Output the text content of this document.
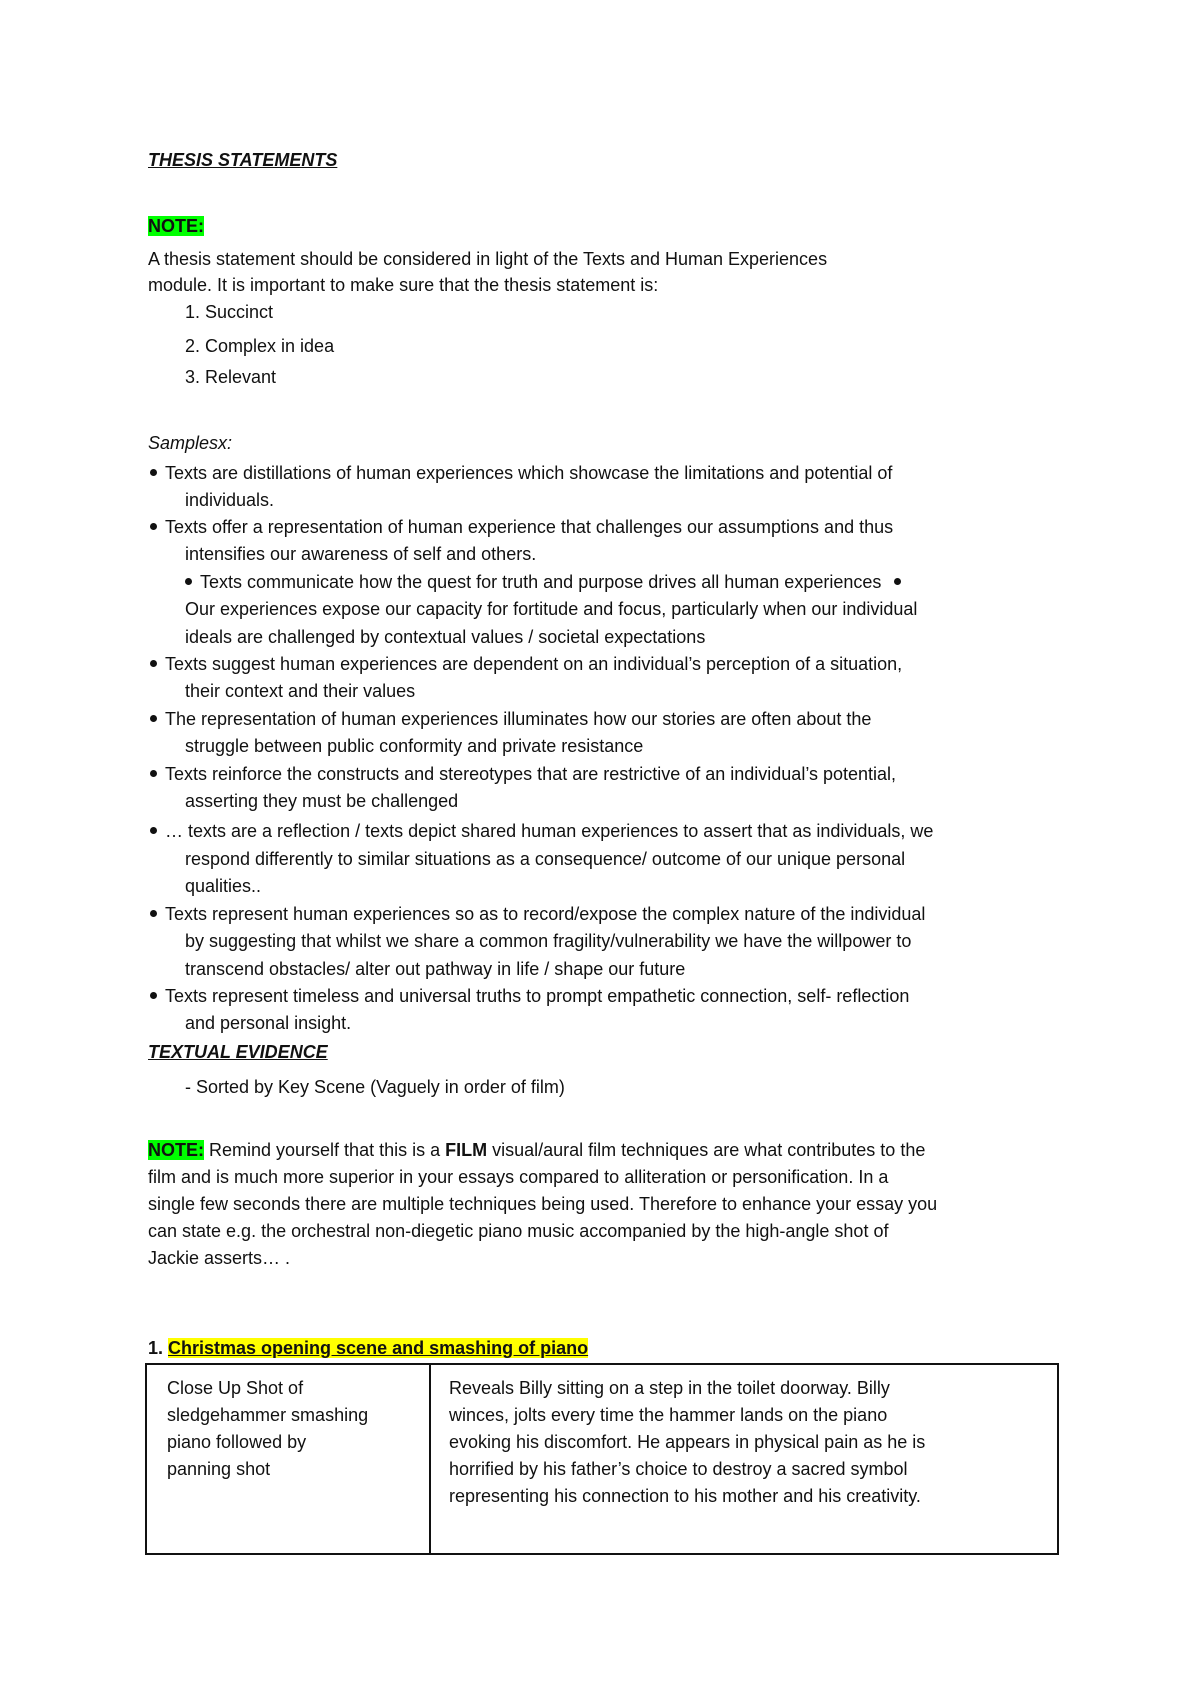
THESIS STATEMENTS
NOTE:
A thesis statement should be considered in light of the Texts and Human Experiences
module. It is important to make sure that the thesis statement is:
1. Succinct
2. Complex in idea
3. Relevant
Samplesx:
Texts are distillations of human experiences which showcase the limitations and potential of
individuals.
Texts offer a representation of human experience that challenges our assumptions and thus
intensifies our awareness of self and others.
Texts communicate how the quest for truth and purpose drives all human experiences
Our experiences expose our capacity for fortitude and focus, particularly when our individual
ideals are challenged by contextual values / societal expectations
Texts suggest human experiences are dependent on an individual’s perception of a situation,
their context and their values
The representation of human experiences illuminates how our stories are often about the
struggle between public conformity and private resistance
Texts reinforce the constructs and stereotypes that are restrictive of an individual’s potential,
asserting they must be challenged
… texts are a reflection / texts depict shared human experiences to assert that as individuals, we
respond differently to similar situations as a consequence/ outcome of our unique personal
qualities..
Texts represent human experiences so as to record/expose the complex nature of the individual
by suggesting that whilst we share a common fragility/vulnerability we have the willpower to
transcend obstacles/ alter out pathway in life / shape our future
Texts represent timeless and universal truths to prompt empathetic connection, self- reflection
and personal insight.
TEXTUAL EVIDENCE
- Sorted by Key Scene (Vaguely in order of film)
NOTE: Remind yourself that this is a FILM visual/aural film techniques are what contributes to the
film and is much more superior in your essays compared to alliteration or personification. In a
single few seconds there are multiple techniques being used. Therefore to enhance your essay you
can state e.g. the orchestral non-diegetic piano music accompanied by the high-angle shot of
Jackie asserts… .
1. Christmas opening scene and smashing of piano
Close Up Shot of
sledgehammer smashing
piano followed by
panning shot
Reveals Billy sitting on a step in the toilet doorway. Billy
winces, jolts every time the hammer lands on the piano
evoking his discomfort. He appears in physical pain as he is
horrified by his father’s choice to destroy a sacred symbol
representing his connection to his mother and his creativity.
